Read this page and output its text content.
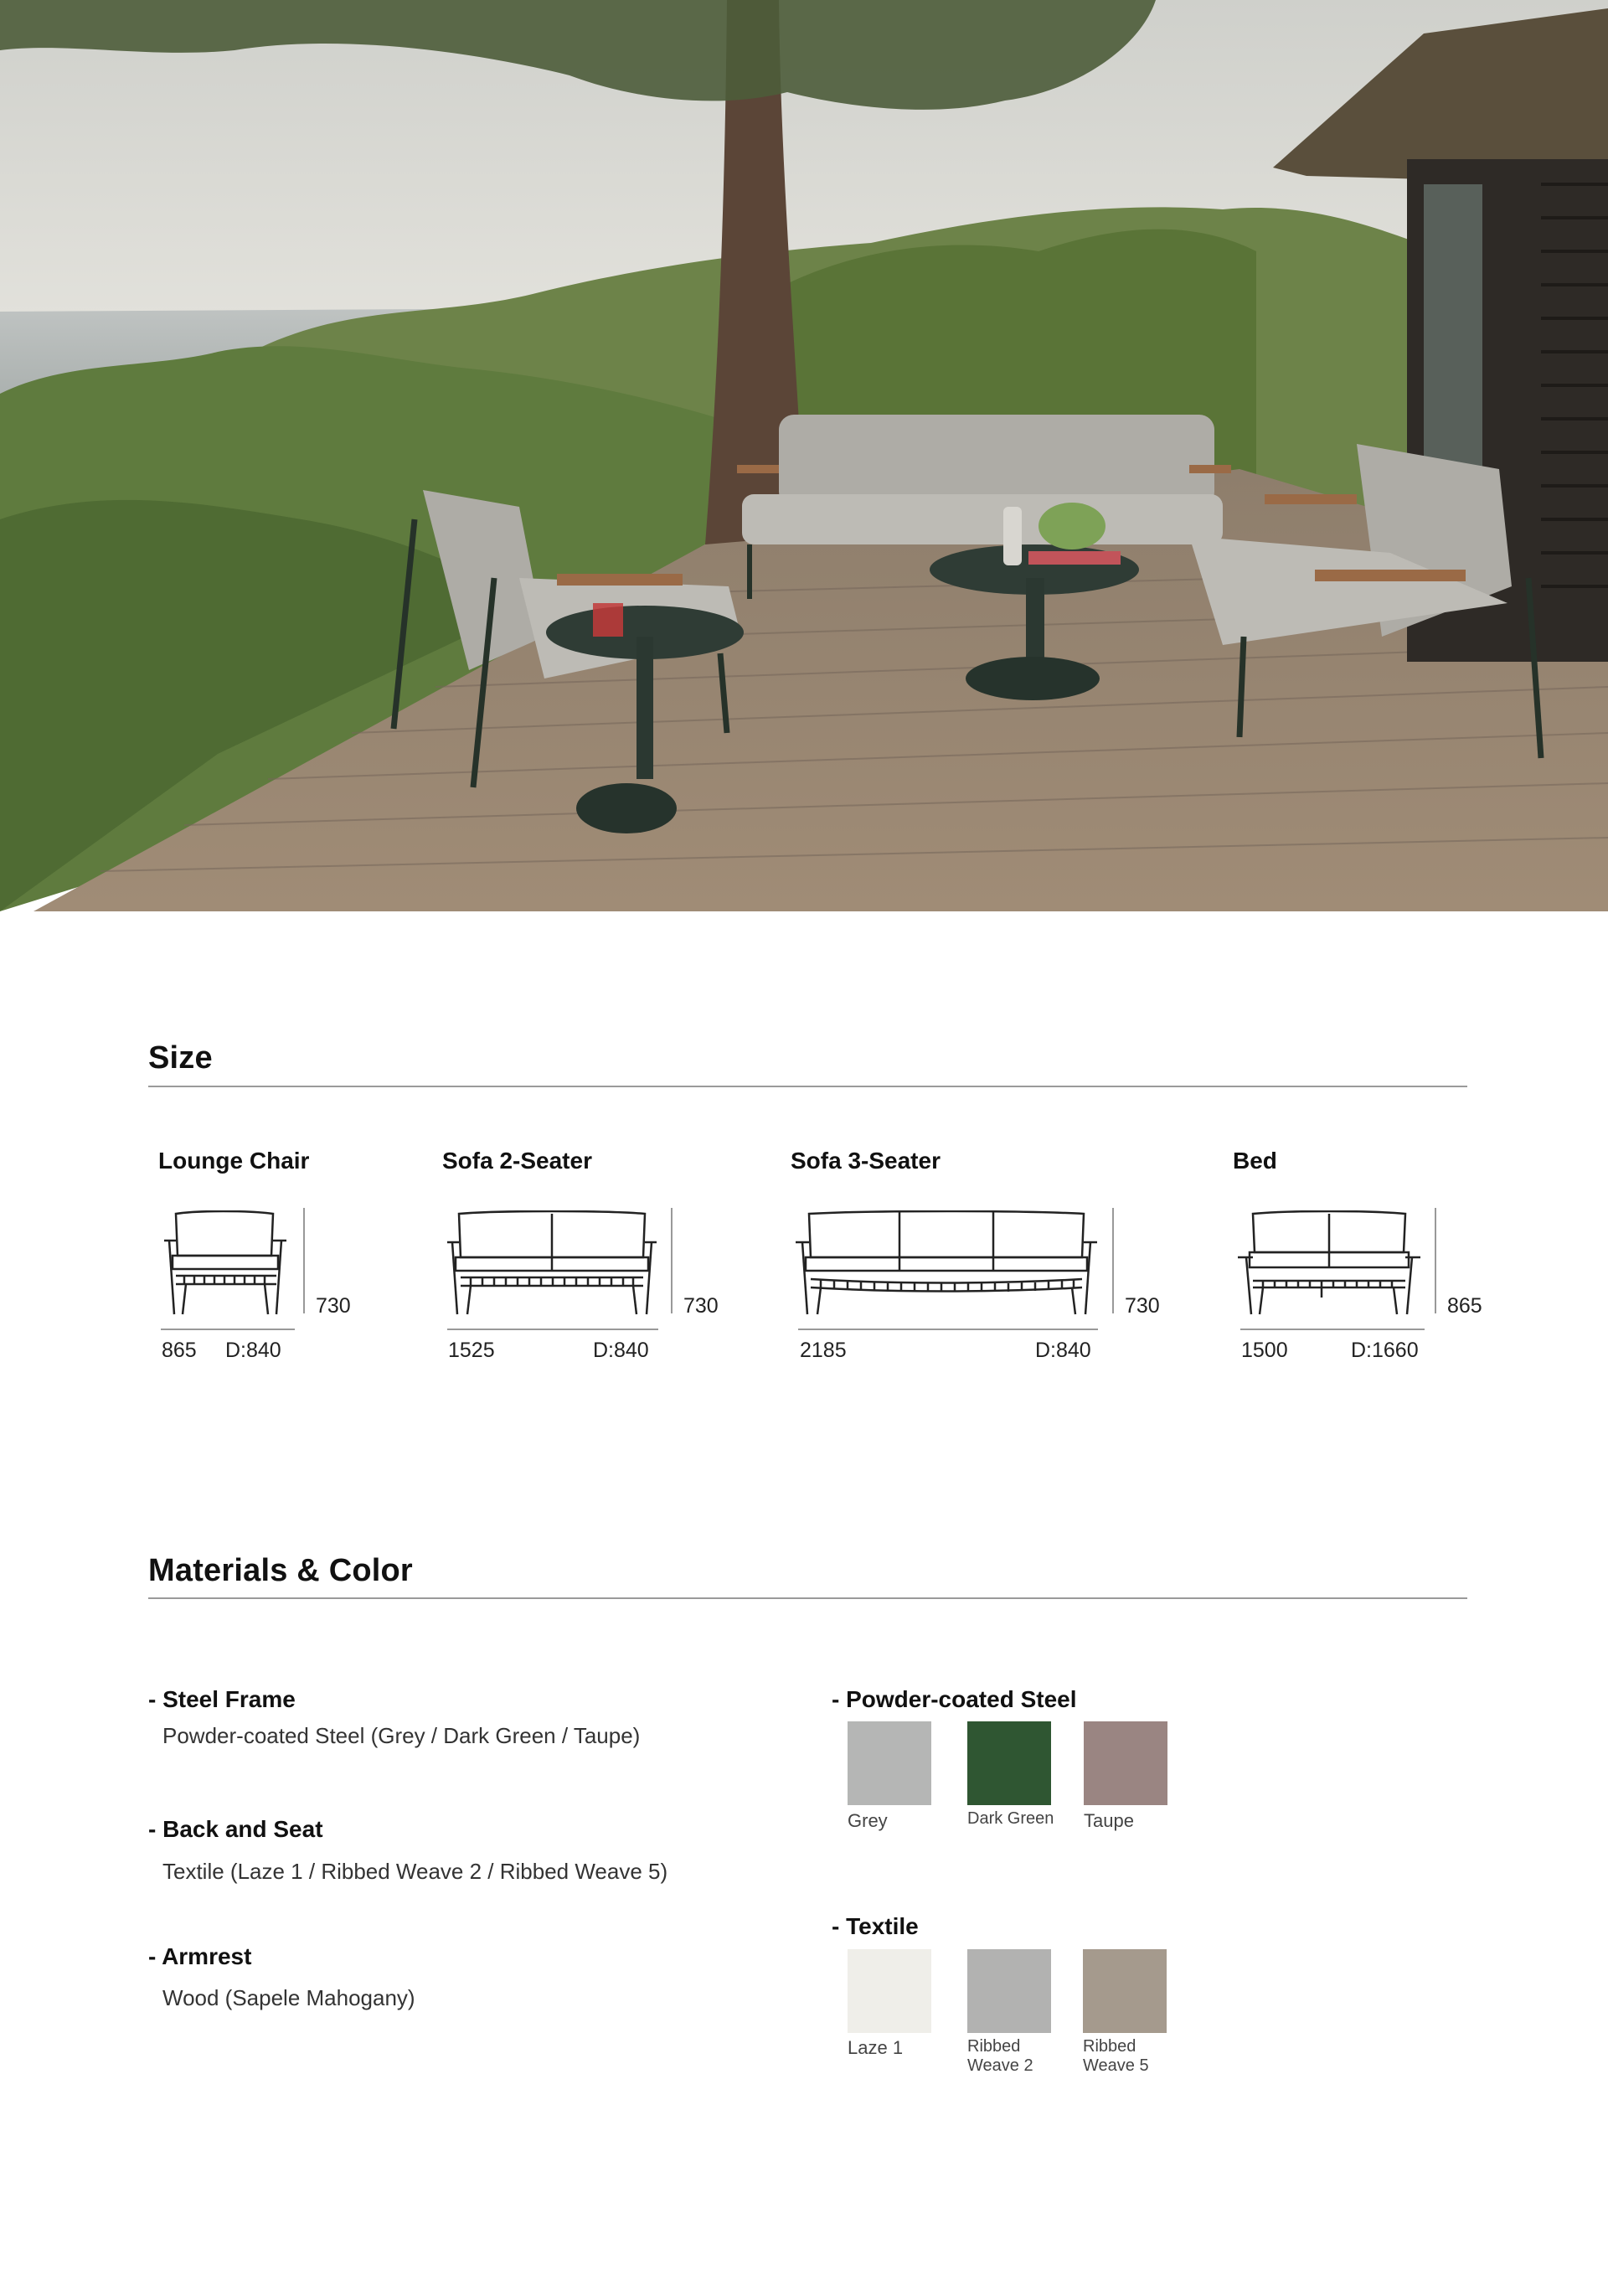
Size
Lounge Chair
730
865 D:840
Sofa 2-Seater
730
1525	D:840
Sofa 3-Seater
730
2185	D:840
Bed
865
1500	D:1660
Materials & Color
- Steel Frame
Powder-coated Steel (Grey / Dark Green / Taupe)
- Back and Seat
Textile (Laze 1 / Ribbed Weave 2 / Ribbed Weave 5)
- Armrest
Wood (Sapele Mahogany)
- Powder-coated Steel
Grey	Dark Green Taupe
- Textile
Laze 1	Ribbed
Weave 2
Ribbed
Weave 5
